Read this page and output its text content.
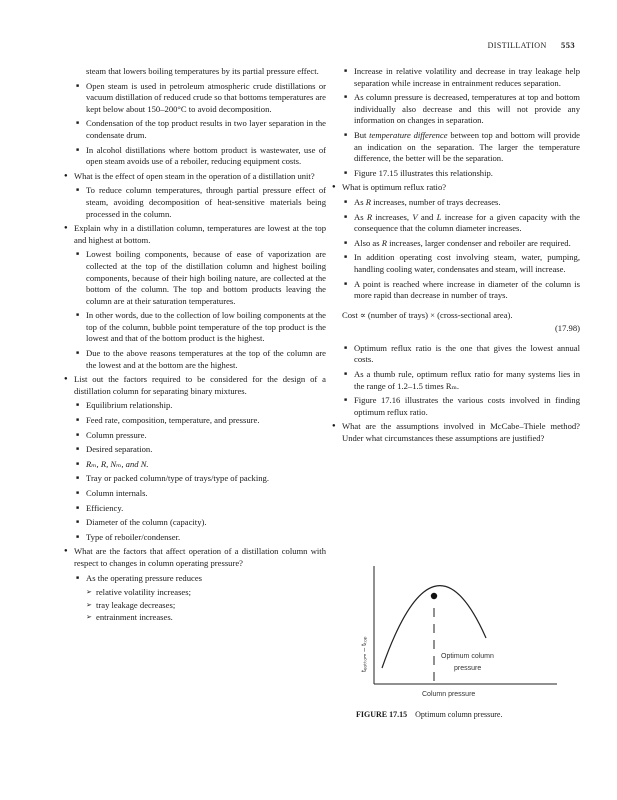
DISTILLATION 553
steam that lowers boiling temperatures by its partial pressure effect.
■ Open steam is used in petroleum atmospheric crude distillations or vacuum distillation of reduced crude so that bottoms temperatures are kept below about 150–200°C to avoid decomposition.
■ Condensation of the top product results in two layer separation in the condensate drum.
■ In alcohol distillations where bottom product is wastewater, use of open steam avoids use of a reboiler, reducing equipment costs.
● What is the effect of open steam in the operation of a distillation unit?
■ To reduce column temperatures, through partial pressure effect of steam, avoiding decomposition of heat-sensitive materials being processed in the column.
● Explain why in a distillation column, temperatures are lowest at the top and highest at bottom.
■ Lowest boiling components, because of ease of vaporization are collected at the top of the distillation column and highest boiling components, because of their high boiling nature, are collected at the bottom of the column. The top and bottom products leaving the column are at their saturation temperatures.
■ In other words, due to the collection of low boiling components at the top of the column, bubble point temperature of the top product is the lowest and that of the bottom product is the highest.
■ Due to the above reasons temperatures at the top of the column are the lowest and at the bottom are the highest.
● List out the factors required to be considered for the design of a distillation column for separating binary mixtures.
■ Equilibrium relationship.
■ Feed rate, composition, temperature, and pressure.
■ Column pressure.
■ Desired separation.
■ Rₘ, R, Nₘ, and N.
■ Tray or packed column/type of trays/type of packing.
■ Column internals.
■ Efficiency.
■ Diameter of the column (capacity).
■ Type of reboiler/condenser.
● What are the factors that affect operation of a distillation column with respect to changes in column operating pressure?
■ As the operating pressure reduces
➢ relative volatility increases;
➢ tray leakage decreases;
➢ entrainment increases.
■ Increase in relative volatility and decrease in tray leakage help separation while increase in entrainment reduces separation.
■ As column pressure is decreased, temperatures at top and bottom individually also decrease and this will not provide any information on changes in separation.
■ But temperature difference between top and bottom will provide an indication on the separation. The larger the temperature difference, the better will be the separation.
■ Figure 17.15 illustrates this relationship.
● What is optimum reflux ratio?
■ As R increases, number of trays decreases.
■ As R increases, V and L increase for a given capacity with the consequence that the column diameter increases.
■ Also as R increases, larger condenser and reboiler are required.
■ In addition operating cost involving steam, water, pumping, handling cooling water, condensates and steam, will increase.
■ A point is reached where increase in diameter of the column is more rapid than decrease in number of trays.
Cost ∝ (number of trays) × (cross-sectional area).
(17.98)
■ Optimum reflux ratio is the one that gives the lowest annual costs.
■ As a thumb rule, optimum reflux ratio for many systems lies in the range of 1.2–1.5 times Rₘ.
■ Figure 17.16 illustrates the various costs involved in finding optimum reflux ratio.
● What are the assumptions involved in McCabe–Thiele method? Under what circumstances these assumptions are justified?
Optimum column
pressure
Column pressure
tₑₒₜₜₒₘ – tₜₒₚ
FIGURE 17.15 Optimum column pressure.
